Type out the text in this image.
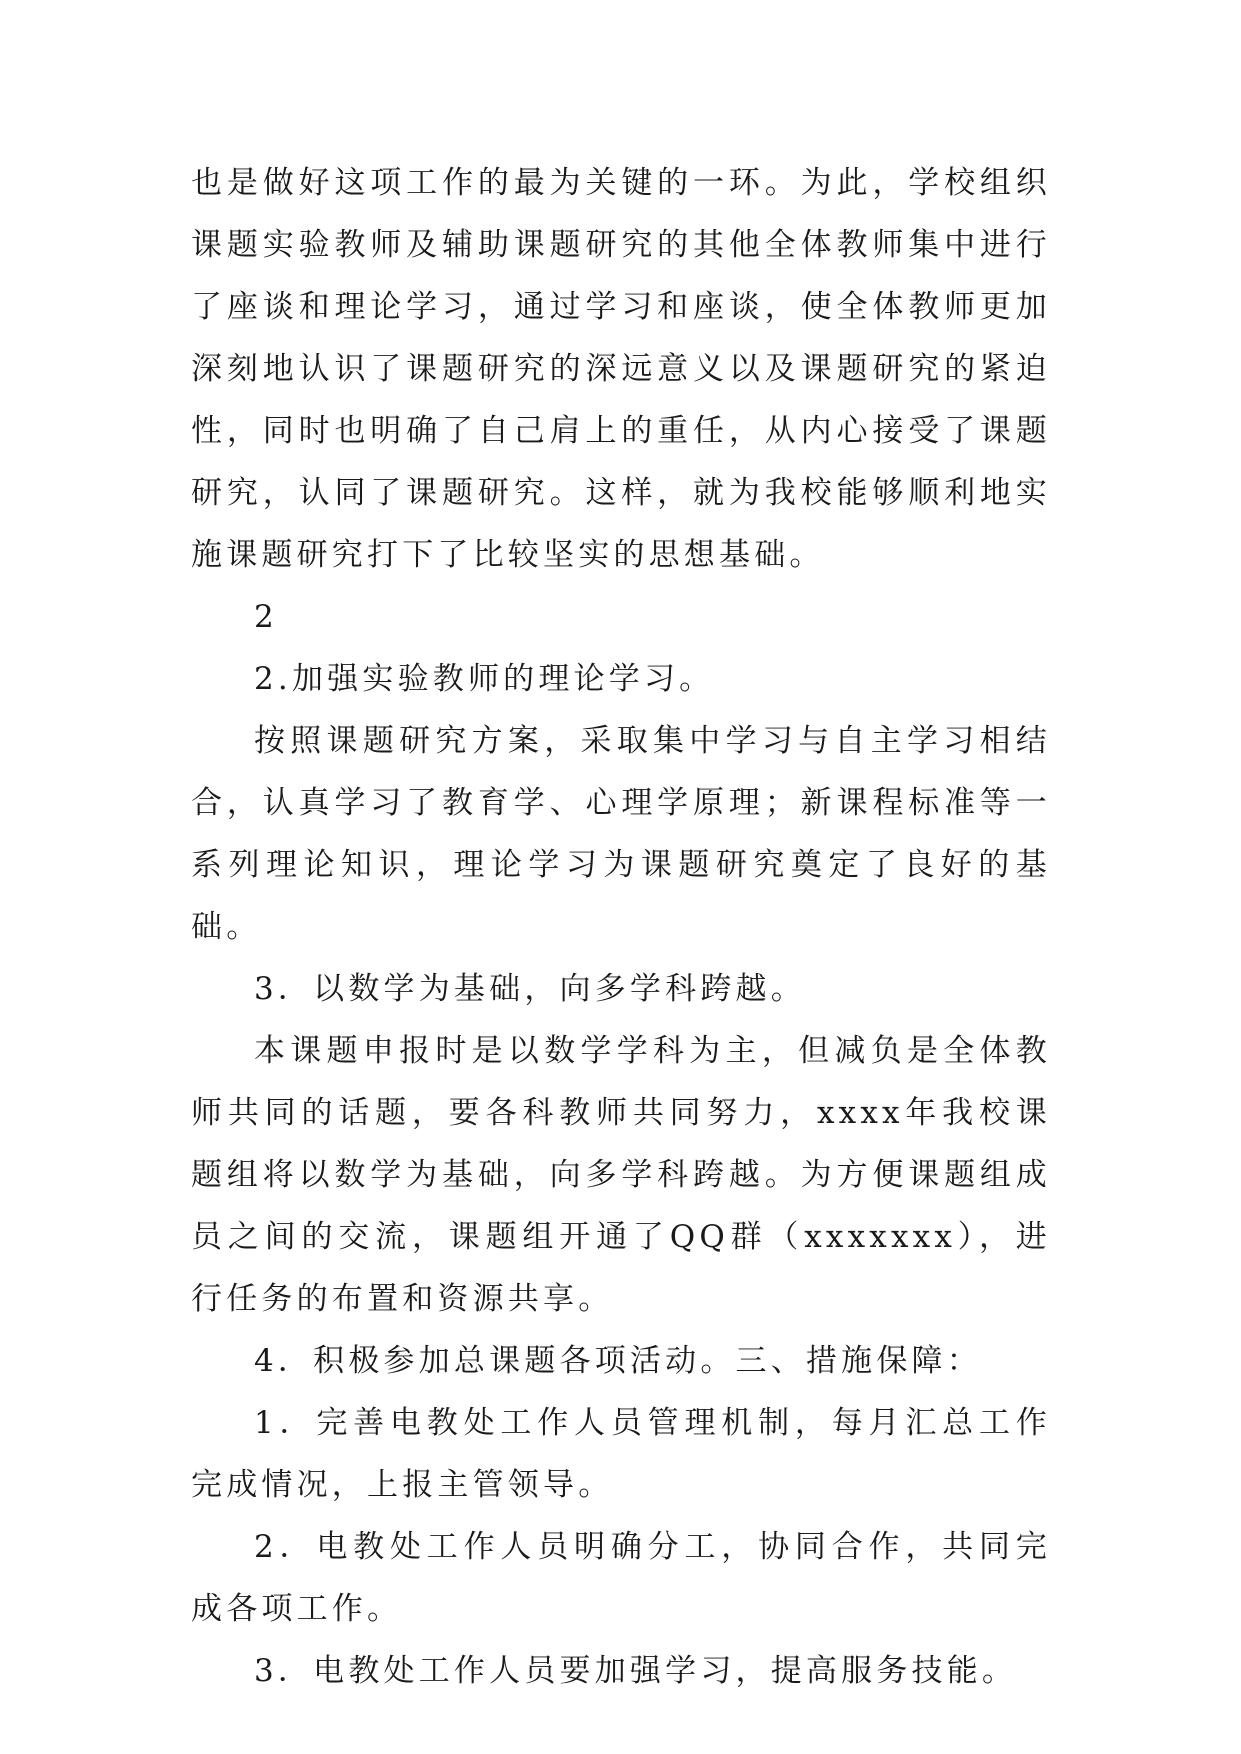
也是做好这项工作的最为关键的一环。为此，学校组织课题实验教师及辅助课题研究的其他全体教师集中进行了座谈和理论学习，通过学习和座谈，使全体教师更加深刻地认识了课题研究的深远意义以及课题研究的紧迫性，同时也明确了自己肩上的重任，从内心接受了课题研究，认同了课题研究。这样，就为我校能够顺利地实施课题研究打下了比较坚实的思想基础。

2

2.加强实验教师的理论学习。

按照课题研究方案，采取集中学习与自主学习相结合，认真学习了教育学、心理学原理；新课程标准等一系列理论知识，理论学习为课题研究奠定了良好的基础。

3．以数学为基础，向多学科跨越。

本课题申报时是以数学学科为主，但减负是全体教师共同的话题，要各科教师共同努力，xxxx年我校课题组将以数学为基础，向多学科跨越。为方便课题组成员之间的交流，课题组开通了QQ群（xxxxxxx），进行任务的布置和资源共享。

4．积极参加总课题各项活动。三、措施保障：

1．完善电教处工作人员管理机制，每月汇总工作完成情况，上报主管领导。

2．电教处工作人员明确分工，协同合作，共同完成各项工作。

3．电教处工作人员要加强学习，提高服务技能。
